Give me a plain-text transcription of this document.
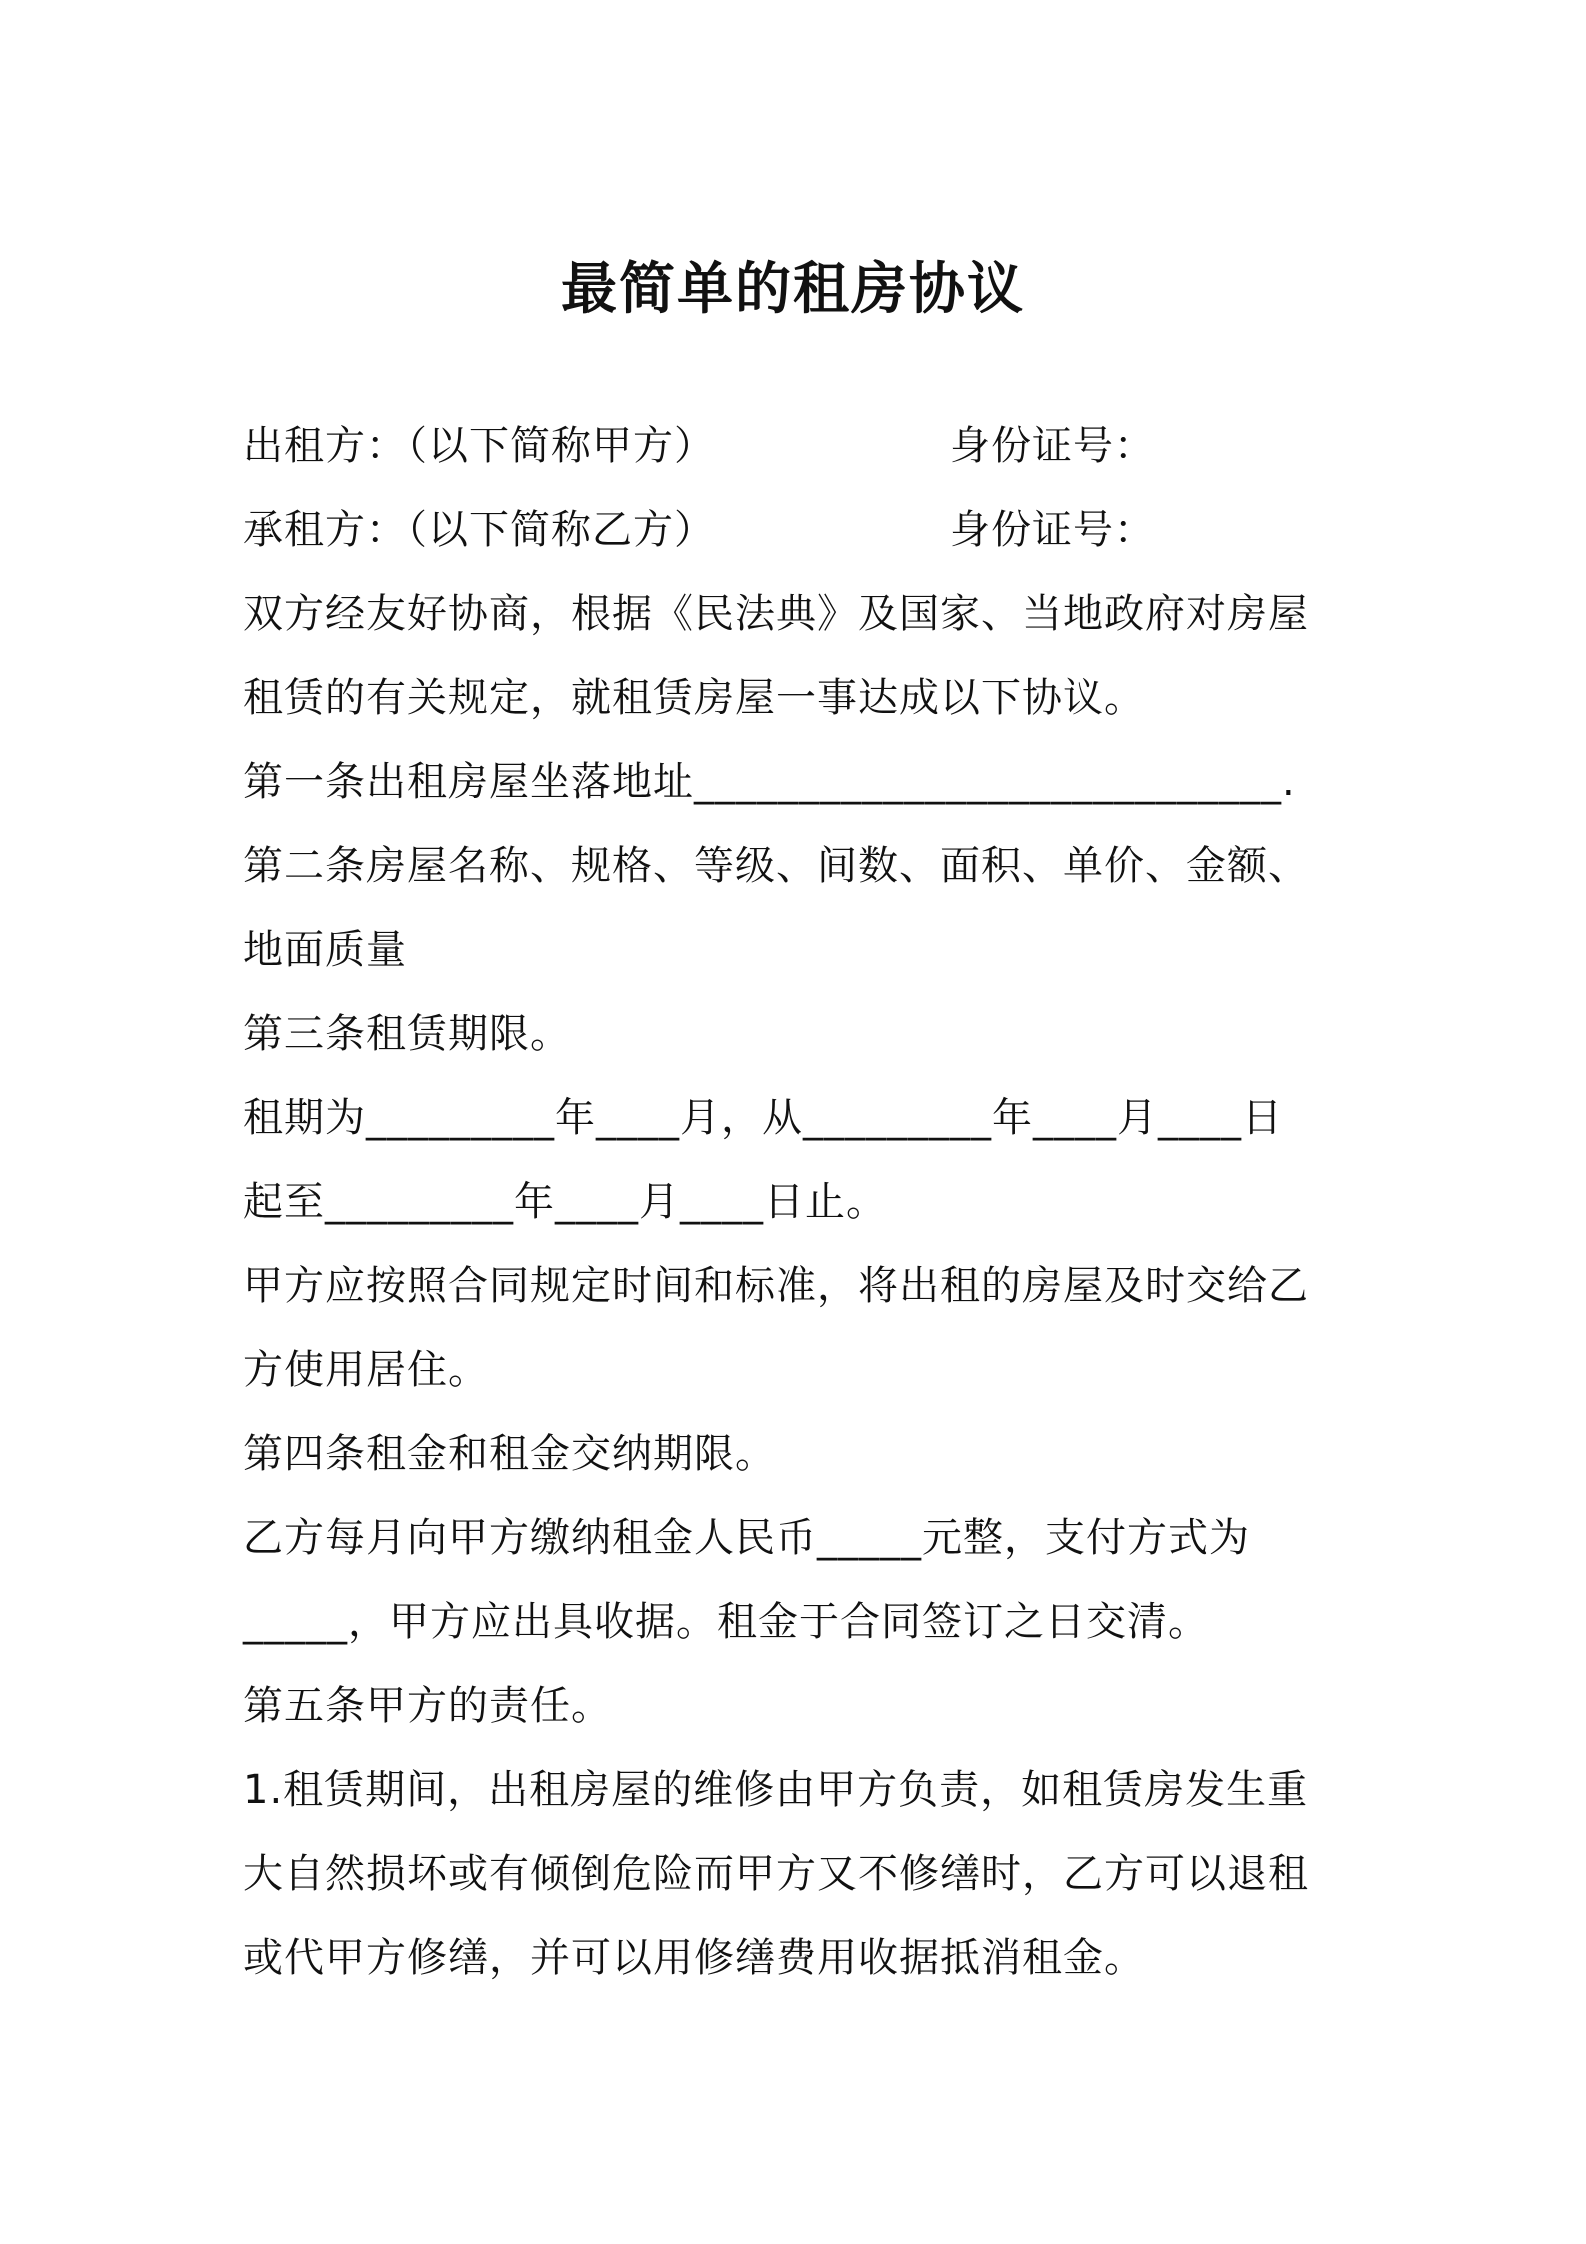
最简单的租房协议
出租方：（以下简称甲方）	身份证号：
承租方：（以下简称乙方）	身份证号：
双方经友好协商，根据《民法典》及国家、当地政府对房屋
租赁的有关规定，就租赁房屋一事达成以下协议。
第一条出租房屋坐落地址____________________________.
第二条房屋名称、规格、等级、间数、面积、单价、金额、
地面质量
第三条租赁期限。
租期为_________年____月，从_________年____月____日
起至_________年____月____日止。
甲方应按照合同规定时间和标准，将出租的房屋及时交给乙
方使用居住。
第四条租金和租金交纳期限。
乙方每月向甲方缴纳租金人民币_____元整，支付方式为
_____，甲方应出具收据。租金于合同签订之日交清。
第五条甲方的责任。
1.租赁期间，出租房屋的维修由甲方负责，如租赁房发生重
大自然损坏或有倾倒危险而甲方又不修缮时，乙方可以退租
或代甲方修缮，并可以用修缮费用收据抵消租金。
